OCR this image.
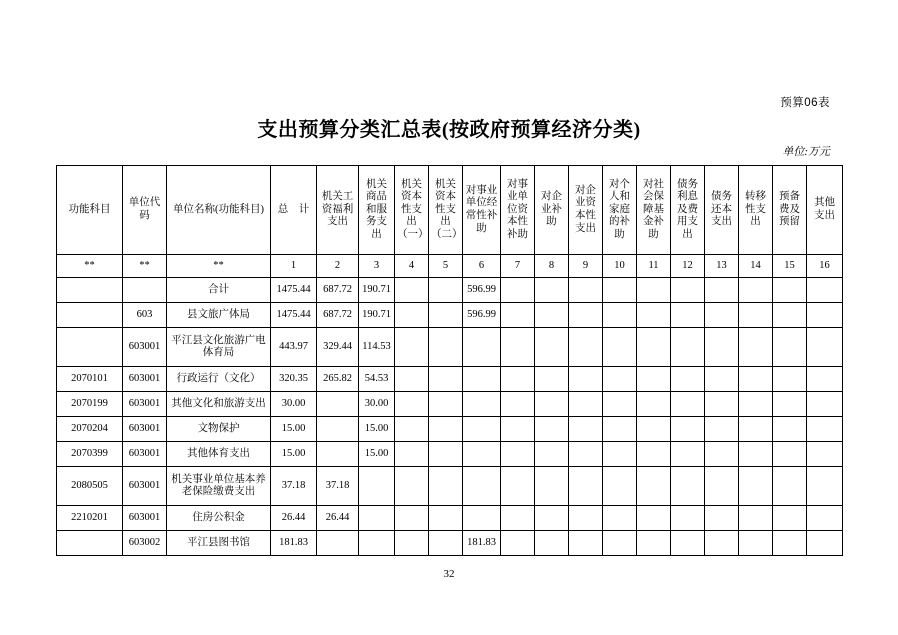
预算06表
支出预算分类汇总表(按政府预算经济分类)
单位:万元
功能科目	单位代码	单位名称(功能科目)	总　计	机关工资福利支出	机关商品和服务支出	机关资本性支出（一）	机关资本性支出（二）	对事业单位经常性补助	对事业单位资本性补助	对企业补助	对企业资本性支出	对个人和家庭的补助	对社会保障基金补助	债务利息及费用支出	债务还本支出	转移性支出	预备费及预留	其他支出
**	**	**	1	2	3	4	5	6	7	8	9	10	11	12	13	14	15	16
		合计	1475.44	687.72	190.71			596.99										
	603	县文旅广体局	1475.44	687.72	190.71			596.99										
	603001	平江县文化旅游广电体育局	443.97	329.44	114.53													
2070101	603001	行政运行（文化）	320.35	265.82	54.53													
2070199	603001	其他文化和旅游支出	30.00		30.00													
2070204	603001	文物保护	15.00		15.00													
2070399	603001	其他体育支出	15.00		15.00													
2080505	603001	机关事业单位基本养老保险缴费支出	37.18	37.18														
2210201	603001	住房公积金	26.44	26.44														
	603002	平江县图书馆	181.83					181.83										
32
